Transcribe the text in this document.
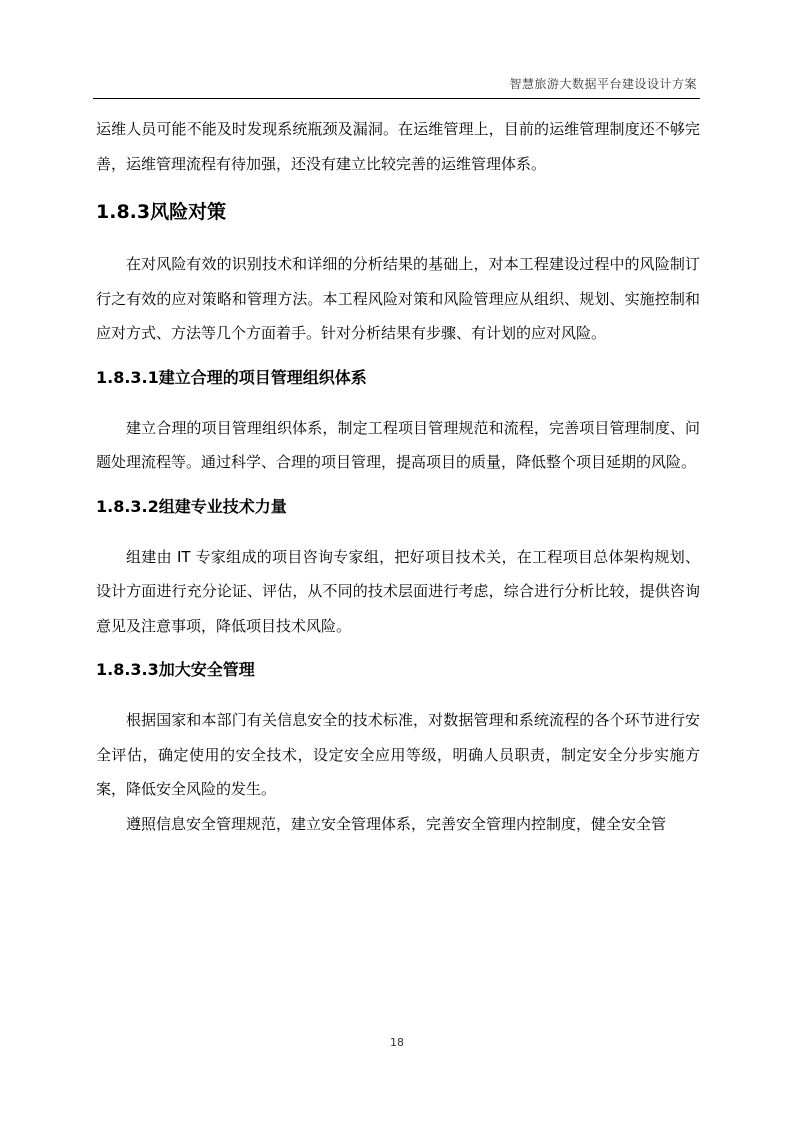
智慧旅游大数据平台建设设计方案

运维人员可能不能及时发现系统瓶颈及漏洞。在运维管理上，目前的运维管理制度还不够完善，运维管理流程有待加强，还没有建立比较完善的运维管理体系。

1.8.3风险对策

在对风险有效的识别技术和详细的分析结果的基础上，对本工程建设过程中的风险制订行之有效的应对策略和管理方法。本工程风险对策和风险管理应从组织、规划、实施控制和应对方式、方法等几个方面着手。针对分析结果有步骤、有计划的应对风险。

1.8.3.1建立合理的项目管理组织体系

建立合理的项目管理组织体系，制定工程项目管理规范和流程，完善项目管理制度、问题处理流程等。通过科学、合理的项目管理，提高项目的质量，降低整个项目延期的风险。

1.8.3.2组建专业技术力量

组建由 IT 专家组成的项目咨询专家组，把好项目技术关，在工程项目总体架构规划、设计方面进行充分论证、评估，从不同的技术层面进行考虑，综合进行分析比较，提供咨询意见及注意事项，降低项目技术风险。

1.8.3.3加大安全管理

根据国家和本部门有关信息安全的技术标准，对数据管理和系统流程的各个环节进行安全评估，确定使用的安全技术，设定安全应用等级，明确人员职责，制定安全分步实施方案，降低安全风险的发生。

遵照信息安全管理规范，建立安全管理体系，完善安全管理内控制度，健全安全管

18
